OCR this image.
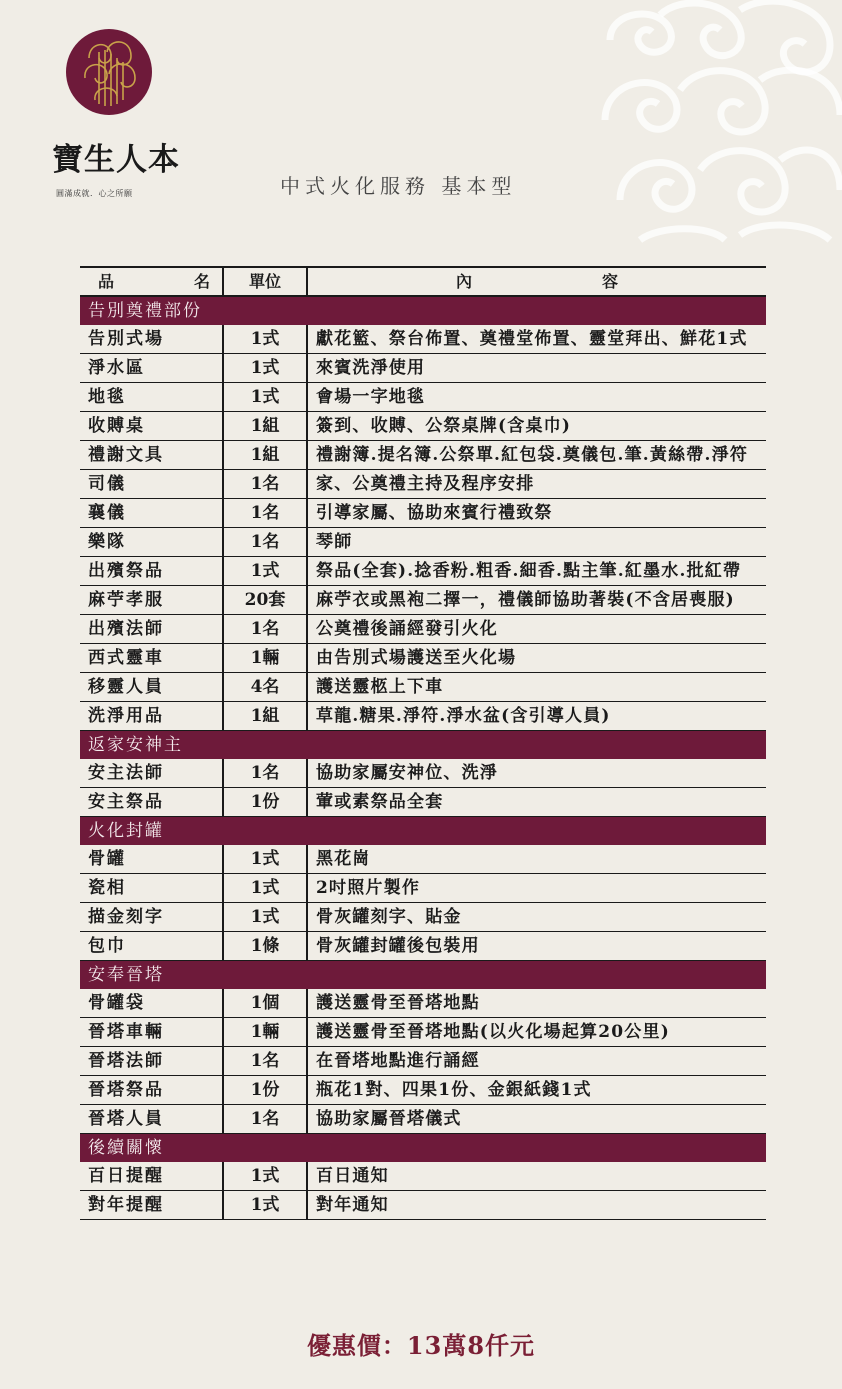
寶生人本
圓滿成就．心之所願	中式火化服務 基本型
品　　名	單位	內　　　容
告別奠禮部份		
告別式場	1式	獻花籃、祭台佈置、奠禮堂佈置、靈堂拜出、鮮花1式
淨水區	1式	來賓洗淨使用
地毯	1式	會場一字地毯
收賻桌	1組	簽到、收賻、公祭桌牌(含桌巾)
禮謝文具	1組	禮謝簿.提名簿.公祭單.紅包袋.奠儀包.筆.黃絲帶.淨符
司儀	1名	家、公奠禮主持及程序安排
襄儀	1名	引導家屬、協助來賓行禮致祭
樂隊	1名	琴師
出殯祭品	1式	祭品(全套).捻香粉.粗香.細香.點主筆.紅墨水.批紅帶
麻苧孝服	20套	麻苧衣或黑袍二擇一，禮儀師協助著裝(不含居喪服)
出殯法師	1名	公奠禮後誦經發引火化
西式靈車	1輛	由告別式場護送至火化場
移靈人員	4名	護送靈柩上下車
洗淨用品	1組	草龍.糖果.淨符.淨水盆(含引導人員)
返家安神主		
安主法師	1名	協助家屬安神位、洗淨
安主祭品	1份	葷或素祭品全套
火化封罐		
骨罐	1式	黑花崗
瓷相	1式	2吋照片製作
描金刻字	1式	骨灰罐刻字、貼金
包巾	1條	骨灰罐封罐後包裝用
安奉晉塔		
骨罐袋	1個	護送靈骨至晉塔地點
晉塔車輛	1輛	護送靈骨至晉塔地點(以火化場起算20公里)
晉塔法師	1名	在晉塔地點進行誦經
晉塔祭品	1份	瓶花1對、四果1份、金銀紙錢1式
晉塔人員	1名	協助家屬晉塔儀式
後續關懷		
百日提醒	1式	百日通知
對年提醒	1式	對年通知
優惠價：13萬8仟元
